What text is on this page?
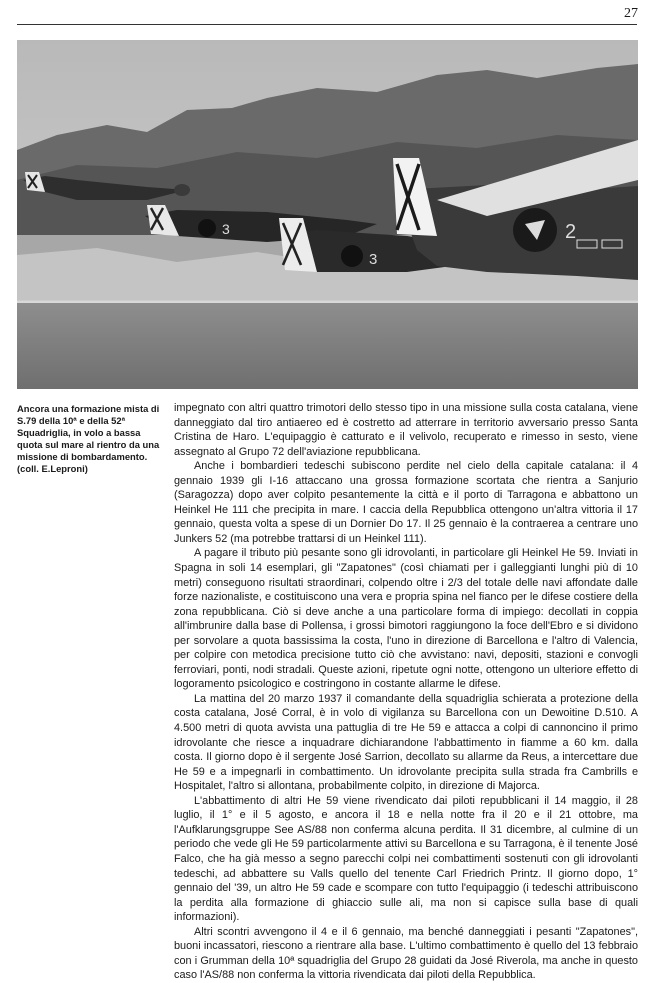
27
3
3
2

Ancora una formazione mista di S.79 della 10ª e della 52ª Squadriglia, in volo a bassa quota sul mare al rientro da una missione di bombardamento.

(coll. E.Leproni)

impegnato con altri quattro trimotori dello stesso tipo in una missione sulla costa catalana, viene danneggiato dal tiro antiaereo ed è costretto ad atterrare in territorio avversario presso Santa Cristina de Haro. L'equipaggio è catturato e il velivolo, recuperato e rimesso in sesto, viene assegnato al Grupo 72 dell'aviazione repubblicana.

Anche i bombardieri tedeschi subiscono perdite nel cielo della capitale catalana: il 4 gennaio 1939 gli I-16 attaccano una grossa formazione scortata che rientra a Sanjurio (Saragozza) dopo aver colpito pesantemente la città e il porto di Tarragona e abbattono un Heinkel He 111 che precipita in mare. I caccia della Repubblica ottengono un'altra vittoria il 17 gennaio, questa volta a spese di un Dornier Do 17. Il 25 gennaio è la contraerea a centrare uno Junkers 52 (ma potrebbe trattarsi di un Heinkel 111).

A pagare il tributo più pesante sono gli idrovolanti, in particolare gli Heinkel He 59. Inviati in Spagna in soli 14 esemplari, gli "Zapatones" (così chiamati per i galleggianti lunghi più di 10 metri) conseguono risultati straordinari, colpendo oltre i 2/3 del totale delle navi affondate dalle forze nazionaliste, e costituiscono una vera e propria spina nel fianco per le difese costiere della zona repubblicana. Ciò si deve anche a una particolare forma di impiego: decollati in coppia all'imbrunire dalla base di Pollensa, i grossi bimotori raggiungono la foce dell'Ebro e si dividono per sorvolare a quota bassissima la costa, l'uno in direzione di Barcellona e l'altro di Valencia, per colpire con metodica precisione tutto ciò che avvistano: navi, depositi, stazioni e convogli ferroviari, ponti, nodi stradali. Queste azioni, ripetute ogni notte, ottengono un ulteriore effetto di logoramento psicologico e costringono in costante allarme le difese.

La mattina del 20 marzo 1937 il comandante della squadriglia schierata a protezione della costa catalana, José Corral, è in volo di vigilanza su Barcellona con un Dewoitine D.510. A 4.500 metri di quota avvista una pattuglia di tre He 59 e attacca a colpi di cannoncino il primo idrovolante che riesce a inquadrare dichiarandone l'abbattimento in fiamme a 60 km. dalla costa. Il giorno dopo è il sergente José Sarrion, decollato su allarme da Reus, a intercettare due He 59 e a impegnarli in combattimento. Un idrovolante precipita sulla strada fra Cambrills e Hospitalet, l'altro si allontana, probabilmente colpito, in direzione di Majorca.

L'abbattimento di altri He 59 viene rivendicato dai piloti repubblicani il 14 maggio, il 28 luglio, il 1° e il 5 agosto, e ancora il 18 e nella notte fra il 20 e il 21 ottobre, ma l'Aufklarungsgruppe See AS/88 non conferma alcuna perdita. Il 31 dicembre, al culmine di un periodo che vede gli He 59 particolarmente attivi su Barcellona e su Tarragona, è il tenente José Falco, che ha già messo a segno parecchi colpi nei combattimenti sostenuti con gli idrovolanti tedeschi, ad abbattere su Valls quello del tenente Carl Friedrich Printz. Il giorno dopo, 1° gennaio del '39, un altro He 59 cade e scompare con tutto l'equipaggio (i tedeschi attribuiscono la perdita alla formazione di ghiaccio sulle ali, ma non si capisce sulla base di quali informazioni).

Altri scontri avvengono il 4 e il 6 gennaio, ma benché danneggiati i pesanti "Zapatones", buoni incassatori, riescono a rientrare alla base. L'ultimo combattimento è quello del 13 febbraio con i Grumman della 10ª squadriglia del Grupo 28 guidati da José Riverola, ma anche in questo caso l'AS/88 non conferma la vittoria rivendicata dai piloti della Repubblica.
